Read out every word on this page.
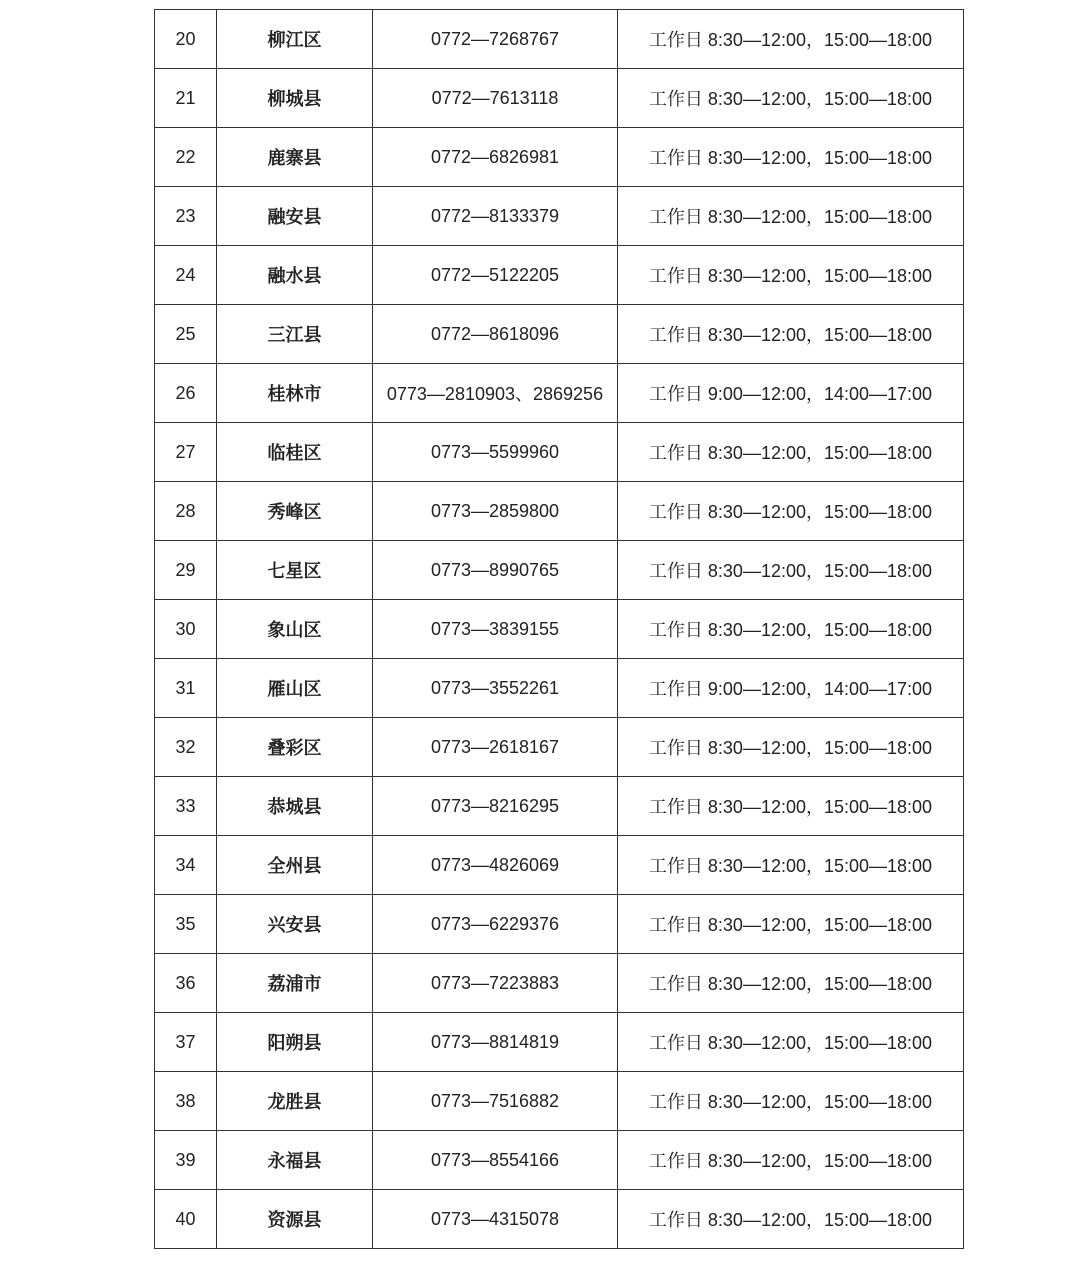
20	柳江区	0772—7268767	工作日 8:30—12:00，15:00—18:00
21	柳城县	0772—7613118	工作日 8:30—12:00，15:00—18:00
22	鹿寨县	0772—6826981	工作日 8:30—12:00，15:00—18:00
23	融安县	0772—8133379	工作日 8:30—12:00，15:00—18:00
24	融水县	0772—5122205	工作日 8:30—12:00，15:00—18:00
25	三江县	0772—8618096	工作日 8:30—12:00，15:00—18:00
26	桂林市	0773—2810903、2869256	工作日 9:00—12:00，14:00—17:00
27	临桂区	0773—5599960	工作日 8:30—12:00，15:00—18:00
28	秀峰区	0773—2859800	工作日 8:30—12:00，15:00—18:00
29	七星区	0773—8990765	工作日 8:30—12:00，15:00—18:00
30	象山区	0773—3839155	工作日 8:30—12:00，15:00—18:00
31	雁山区	0773—3552261	工作日 9:00—12:00，14:00—17:00
32	叠彩区	0773—2618167	工作日 8:30—12:00，15:00—18:00
33	恭城县	0773—8216295	工作日 8:30—12:00，15:00—18:00
34	全州县	0773—4826069	工作日 8:30—12:00，15:00—18:00
35	兴安县	0773—6229376	工作日 8:30—12:00，15:00—18:00
36	荔浦市	0773—7223883	工作日 8:30—12:00，15:00—18:00
37	阳朔县	0773—8814819	工作日 8:30—12:00，15:00—18:00
38	龙胜县	0773—7516882	工作日 8:30—12:00，15:00—18:00
39	永福县	0773—8554166	工作日 8:30—12:00，15:00—18:00
40	资源县	0773—4315078	工作日 8:30—12:00，15:00—18:00
